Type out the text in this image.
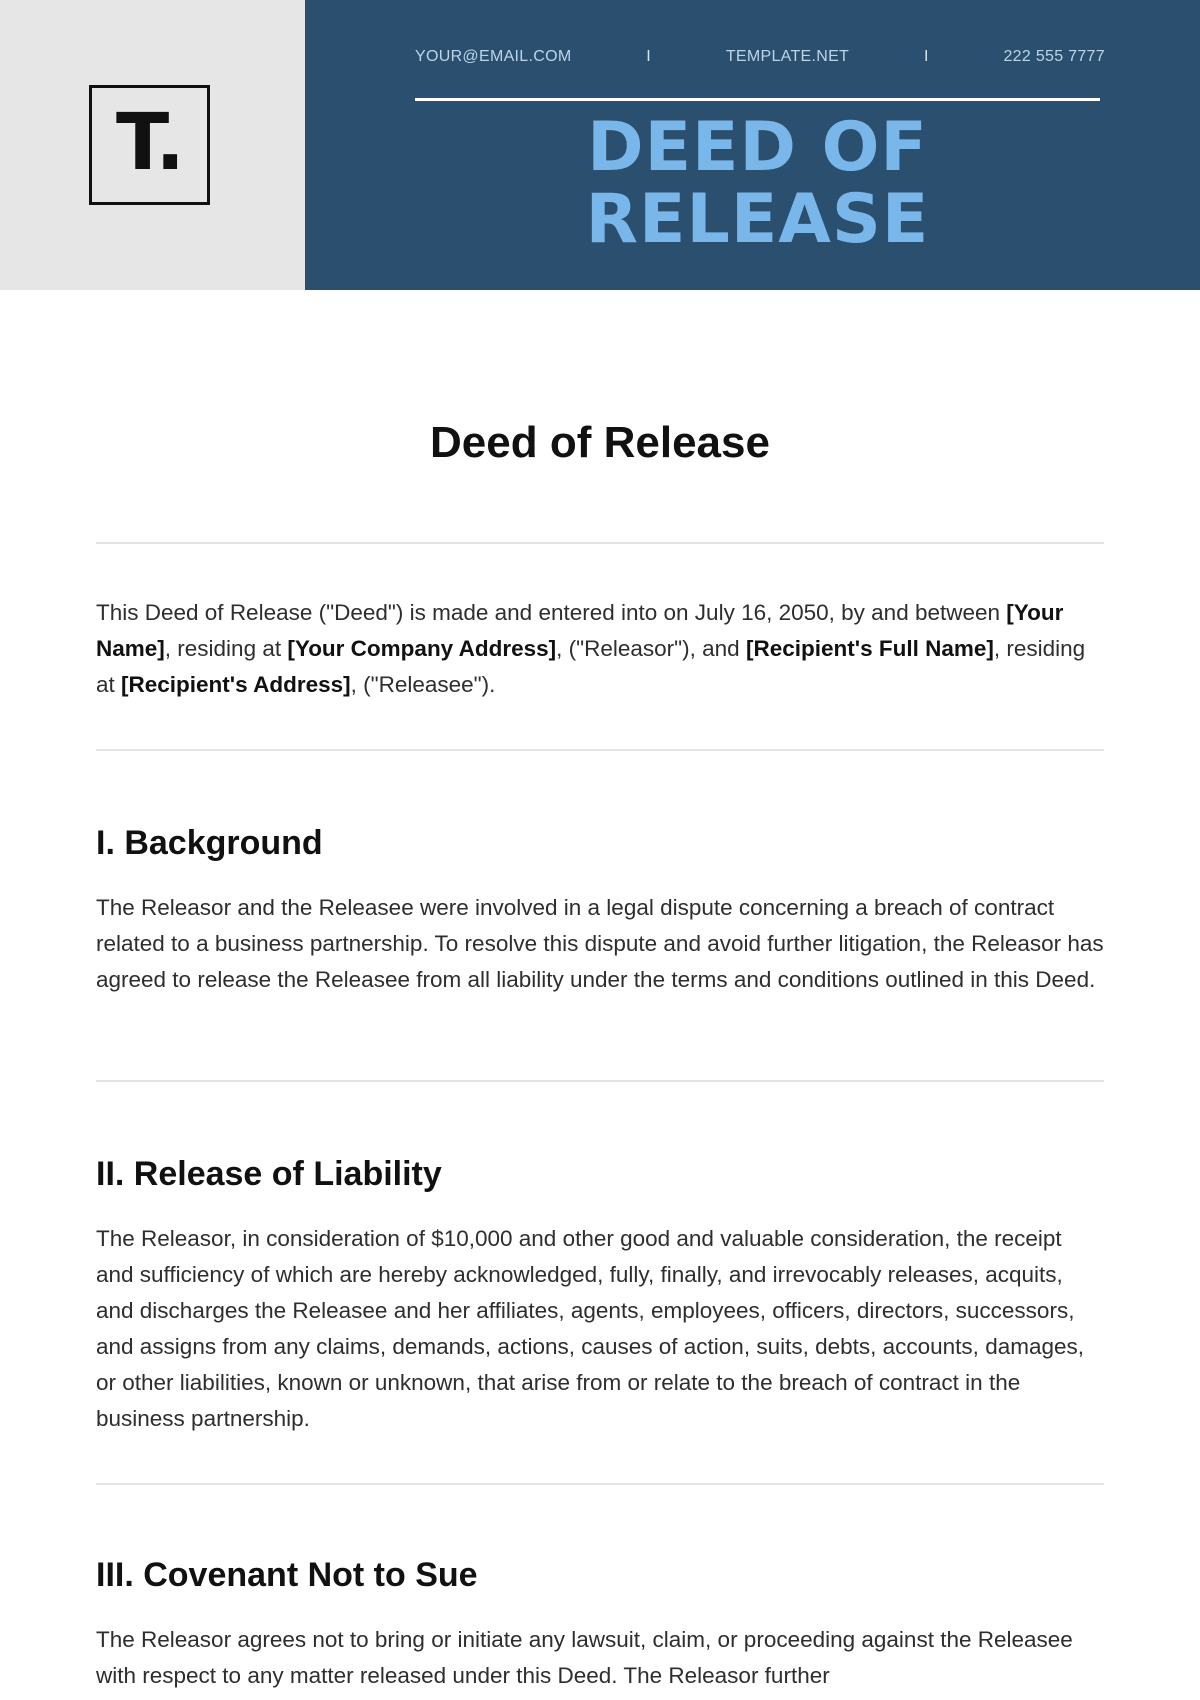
T.
YOUR@EMAIL.COM	I	TEMPLATE.NET	I	222 555 7777
DEED OF
RELEASE
Deed of Release

This Deed of Release ("Deed") is made and entered into on July 16, 2050, by and between [Your Name], residing at [Your Company Address], ("Releasor"), and [Recipient's Full Name], residing at [Recipient's Address], ("Releasee").

I. Background

The Releasor and the Releasee were involved in a legal dispute concerning a breach of contract related to a business partnership. To resolve this dispute and avoid further litigation, the Releasor has agreed to release the Releasee from all liability under the terms and conditions outlined in this Deed.

II. Release of Liability

The Releasor, in consideration of $10,000 and other good and valuable consideration, the receipt and sufficiency of which are hereby acknowledged, fully, finally, and irrevocably releases, acquits, and discharges the Releasee and her affiliates, agents, employees, officers, directors, successors, and assigns from any claims, demands, actions, causes of action, suits, debts, accounts, damages, or other liabilities, known or unknown, that arise from or relate to the breach of contract in the business partnership.

III. Covenant Not to Sue

The Releasor agrees not to bring or initiate any lawsuit, claim, or proceeding against the Releasee with respect to any matter released under this Deed. The Releasor further
